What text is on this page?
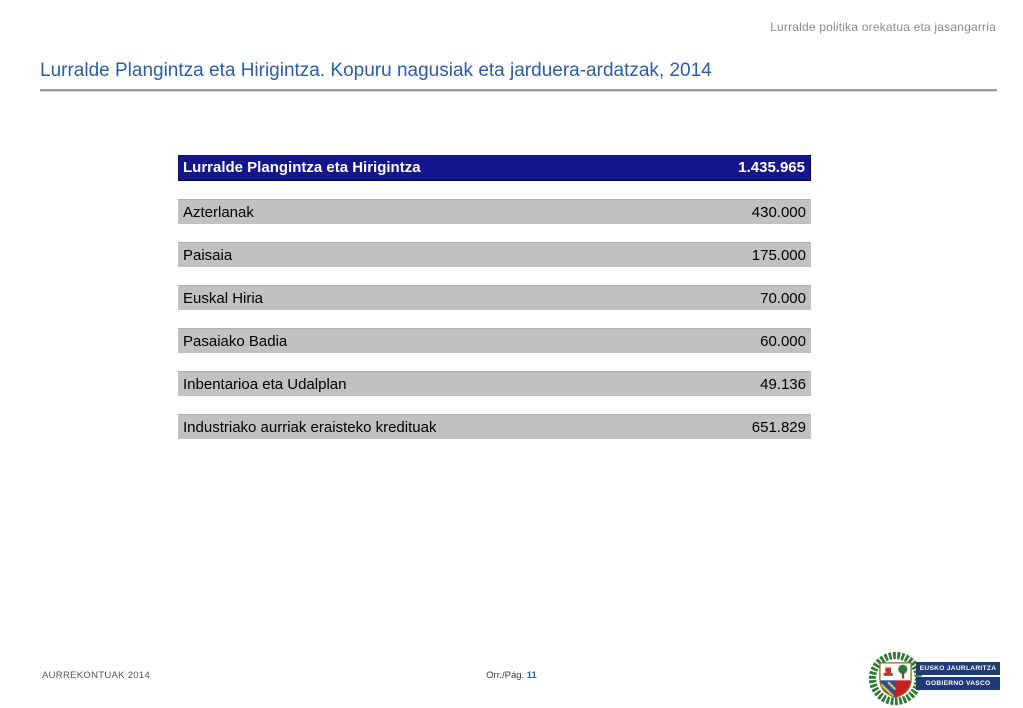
Lurralde politika orekatua eta jasangarria
Lurralde Plangintza eta Hirigintza. Kopuru nagusiak eta jarduera-ardatzak, 2014
Lurralde Plangintza eta Hirigintza	1.435.965
Azterlanak	430.000
Paisaia	175.000
Euskal Hiria	70.000
Pasaiako Badia	60.000
Inbentarioa eta Udalplan	49.136
Industriako aurriak eraisteko kredituak	651.829
AURREKONTUAK 2014	Orr./Pág. 11
EUSKO JAURLARITZA
GOBIERNO VASCO
